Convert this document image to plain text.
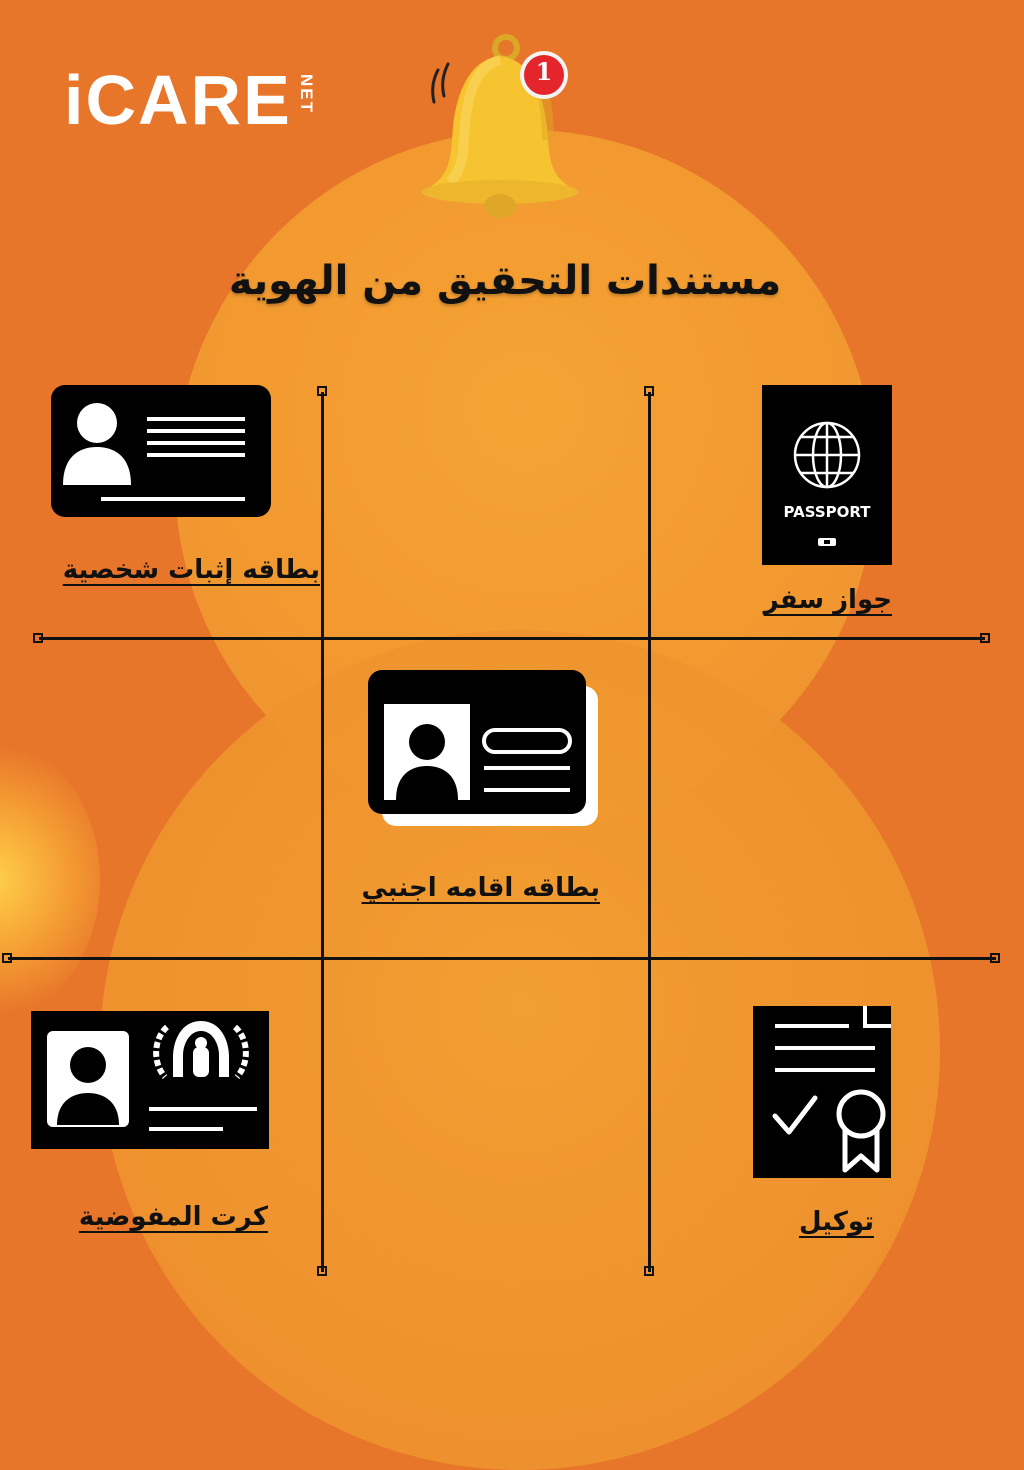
iCARE NET
1
مستندات التحقيق من الهوية
بطاقه إثبات شخصية
PASSPORT
جواز سفر
بطاقه اقامه اجنبي
كرت المفوضية	توكيل
